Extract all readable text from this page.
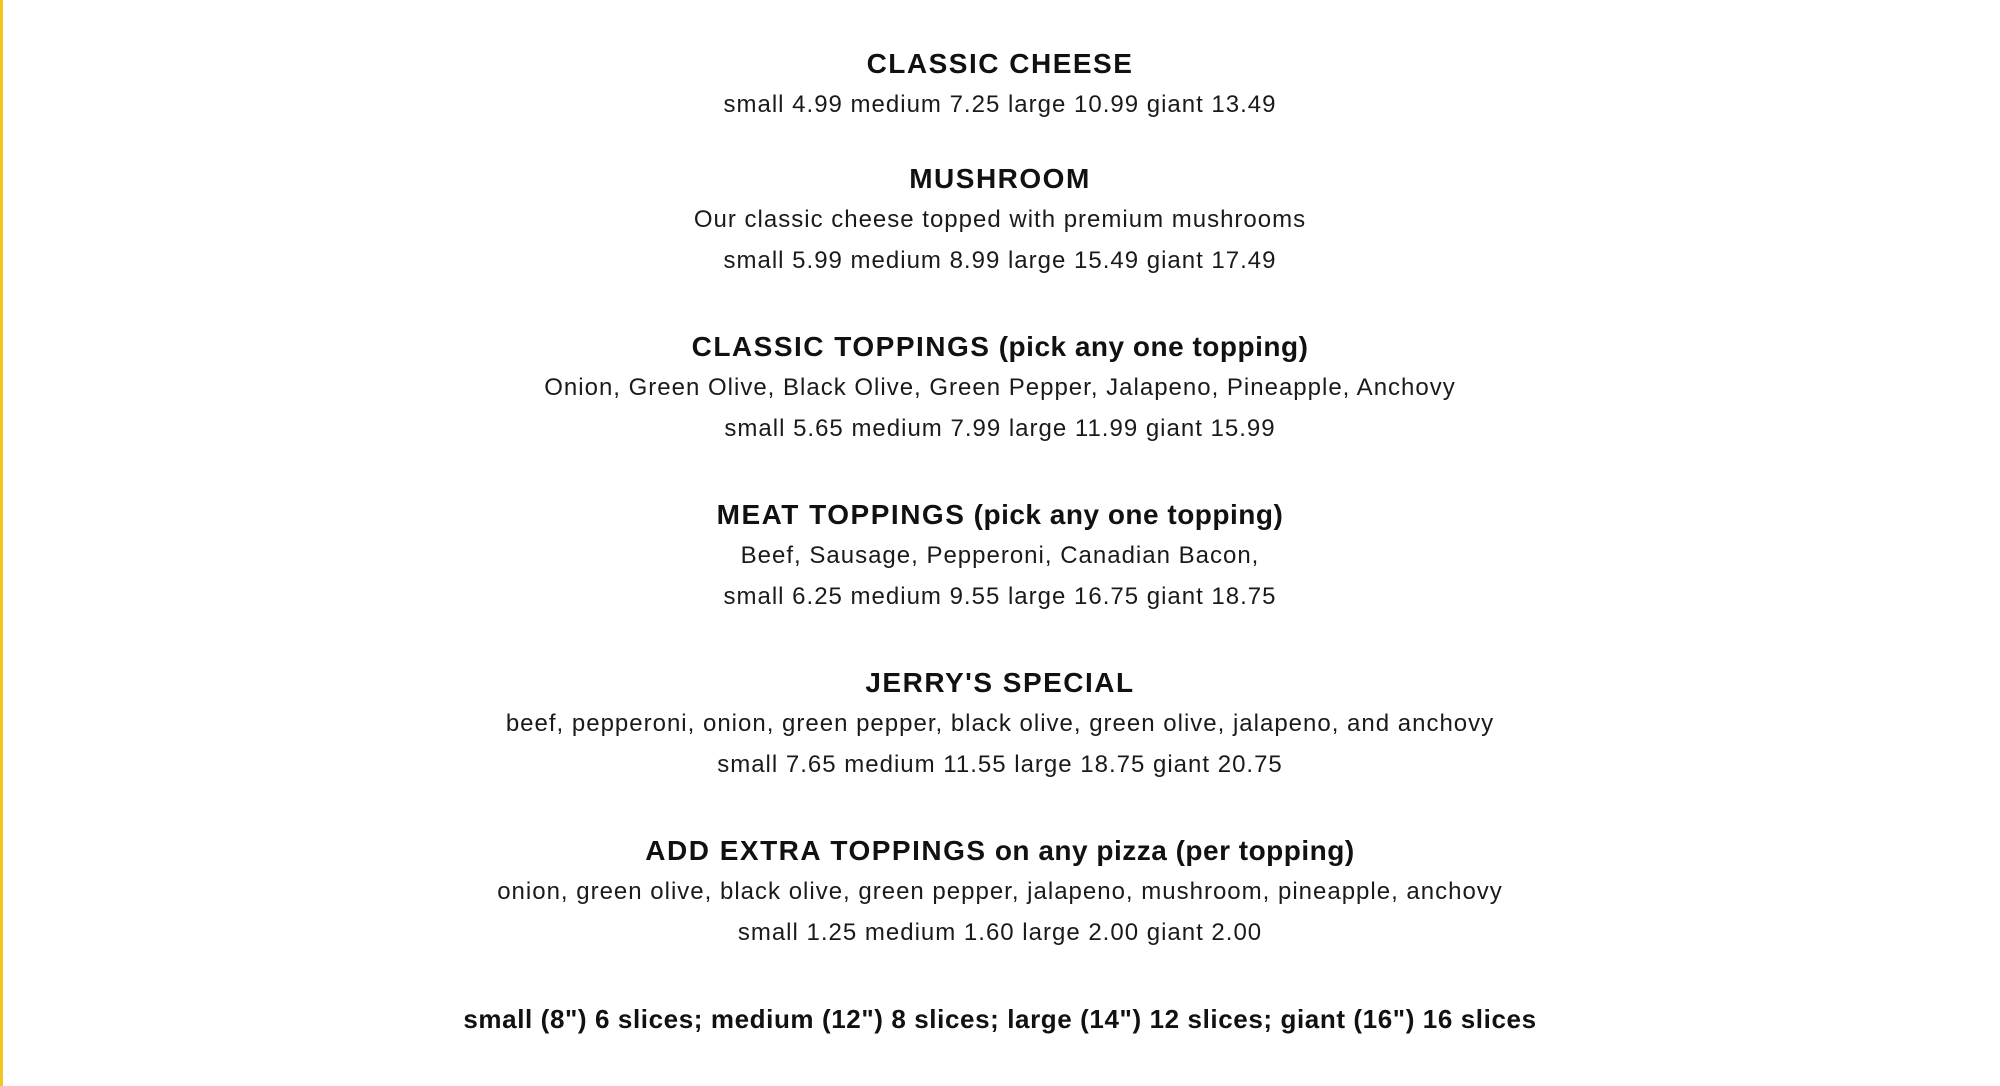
CLASSIC CHEESE

small 4.99 medium 7.25 large 10.99 giant 13.49

MUSHROOM

Our classic cheese topped with premium mushrooms

small 5.99 medium 8.99 large 15.49 giant 17.49

CLASSIC TOPPINGS (pick any one topping)

Onion, Green Olive, Black Olive, Green Pepper, Jalapeno, Pineapple, Anchovy

small 5.65 medium 7.99 large 11.99 giant 15.99

MEAT TOPPINGS (pick any one topping)

Beef, Sausage, Pepperoni, Canadian Bacon,

small 6.25 medium 9.55 large 16.75 giant 18.75

JERRY'S SPECIAL

beef, pepperoni, onion, green pepper, black olive, green olive, jalapeno, and anchovy

small 7.65 medium 11.55 large 18.75 giant 20.75

ADD EXTRA TOPPINGS on any pizza (per topping)

onion, green olive, black olive, green pepper, jalapeno, mushroom, pineapple, anchovy

small 1.25 medium 1.60 large 2.00 giant 2.00

small (8") 6 slices; medium (12") 8 slices; large (14") 12 slices; giant (16") 16 slices
